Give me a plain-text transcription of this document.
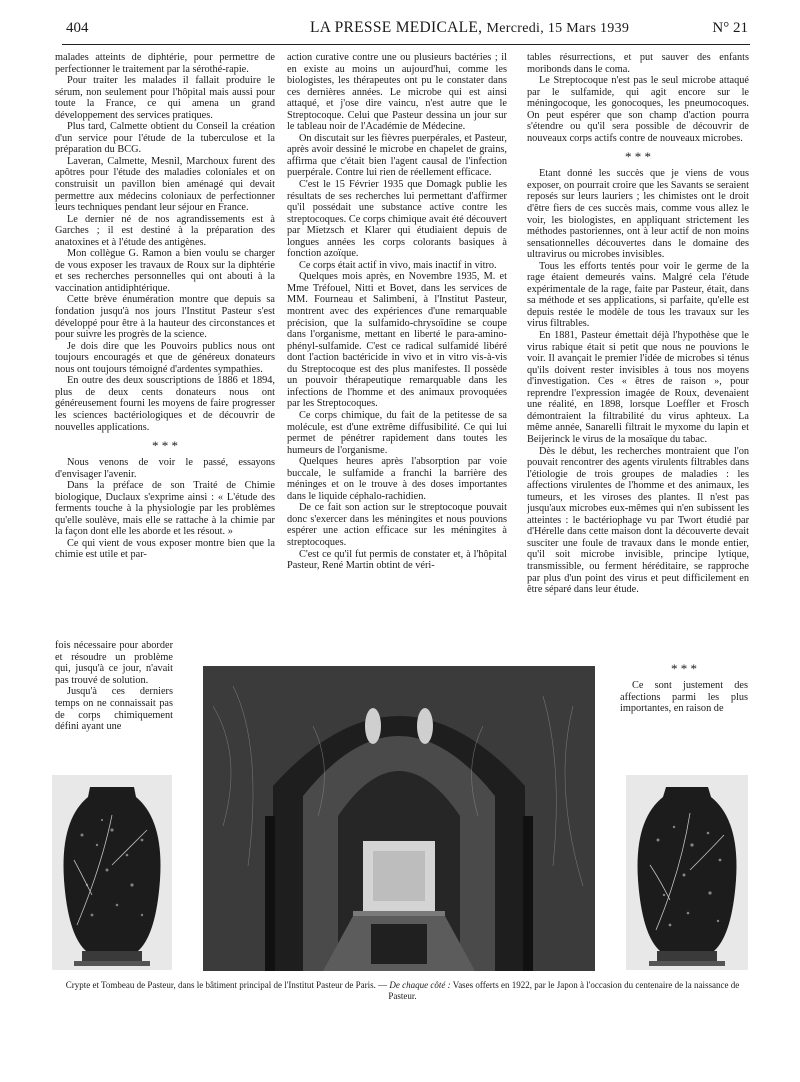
404	LA PRESSE MEDICALE, Mercredi, 15 Mars 1939	N° 21

malades atteints de diphtérie, pour permettre de perfectionner le traitement par la sérothé-rapie.

Pour traiter les malades il fallait produire le sérum, non seulement pour l'hôpital mais aussi pour toute la France, ce qui amena un grand développement des services pratiques.

Plus tard, Calmette obtient du Conseil la création d'un service pour l'étude de la tuberculose et la préparation du BCG.

Laveran, Calmette, Mesnil, Marchoux furent des apôtres pour l'étude des maladies coloniales et on construisit un pavillon bien aménagé qui devait permettre aux médecins coloniaux de perfectionner leurs techniques pendant leur séjour en France.

Le dernier né de nos agrandissements est à Garches ; il est destiné à la préparation des anatoxines et à l'étude des antigènes.

Mon collègue G. Ramon a bien voulu se charger de vous exposer les travaux de Roux sur la diphtérie et ses recherches personnelles qui ont abouti à la vaccination antidiphtérique.

Cette brève énumération montre que depuis sa fondation jusqu'à nos jours l'Institut Pasteur s'est développé pour être à la hauteur des circonstances et pour suivre les progrès de la science.

Je dois dire que les Pouvoirs publics nous ont toujours encouragés et que de généreux donateurs nous ont toujours témoigné d'ardentes sympathies.

En outre des deux souscriptions de 1886 et 1894, plus de deux cents donateurs nous ont généreusement fourni les moyens de faire progresser les sciences bactériologiques et de découvrir de nouvelles applications.

* * *

Nous venons de voir le passé, essayons d'envisager l'avenir.

Dans la préface de son Traité de Chimie biologique, Duclaux s'exprime ainsi : « L'étude des ferments touche à la physiologie par les problèmes qu'elle soulève, mais elle se rattache à la chimie par la façon dont elle les aborde et les résout. »

Ce qui vient de vous exposer montre bien que la chimie est utile et par-

fois nécessaire pour aborder et résoudre un problème qui, jusqu'à ce jour, n'avait pas trouvé de solution.

Jusqu'à ces derniers temps on ne connaissait pas de corps chimiquement défini ayant une

action curative contre une ou plusieurs bactéries ; il en existe au moins un aujourd'hui, comme les biologistes, les thérapeutes ont pu le constater dans ces dernières années. Le microbe qui est ainsi attaqué, et j'ose dire vaincu, n'est autre que le Streptocoque. Celui que Pasteur dessina un jour sur le tableau noir de l'Académie de Médecine.

On discutait sur les fièvres puerpérales, et Pasteur, après avoir dessiné le microbe en chapelet de grains, affirma que c'était bien l'agent causal de l'infection puerpérale. Contre lui rien de réellement efficace.

C'est le 15 Février 1935 que Domagk publie les résultats de ses recherches lui permettant d'affirmer qu'il possédait une substance active contre les streptocoques. Ce corps chimique avait été découvert par Mietzsch et Klarer qui étudiaient depuis de longues années les corps colorants basiques à fonction azoïque.

Ce corps était actif in vivo, mais inactif in vitro.

Quelques mois après, en Novembre 1935, M. et Mme Tréfouel, Nitti et Bovet, dans les services de MM. Fourneau et Salimbeni, à l'Institut Pasteur, montrent avec des expériences d'une remarquable précision, que la sulfamido-chrysoïdine se coupe dans l'organisme, mettant en liberté le para-amino-phényl-sulfamide. C'est ce radical sulfamidé libéré dont l'action bactéricide in vivo et in vitro vis-à-vis du Streptocoque est des plus manifestes. Il possède un pouvoir thérapeutique remarquable dans les infections de l'homme et des animaux provoquées par les Streptocoques.

Ce corps chimique, du fait de la petitesse de sa molécule, est d'une extrême diffusibilité. Ce qui lui permet de pénétrer rapidement dans toutes les humeurs de l'organisme.

Quelques heures après l'absorption par voie buccale, le sulfamide a franchi la barrière des méninges et on le trouve à des doses importantes dans le liquide céphalo-rachidien.

De ce fait son action sur le streptocoque pouvait donc s'exercer dans les méningites et nous pouvions espérer une action efficace sur les méningites à streptocoques.

C'est ce qu'il fut permis de constater et, à l'hôpital Pasteur, René Martin obtint de véri-

tables résurrections, et put sauver des enfants moribonds dans le coma.

Le Streptocoque n'est pas le seul microbe attaqué par le sulfamide, qui agit encore sur le méningocoque, les gonocoques, les pneumocoques. On peut espérer que son champ d'action pourra s'étendre ou qu'il sera possible de découvrir de nouveaux corps actifs contre de nouveaux microbes.

* * *

Etant donné les succès que je viens de vous exposer, on pourrait croire que les Savants se seraient reposés sur leurs lauriers ; les chimistes ont le droit d'être fiers de ces succès mais, comme vous allez le voir, les biologistes, en appliquant strictement les méthodes pastoriennes, ont à leur actif de non moins sensationnelles découvertes dans le domaine des ultravirus ou microbes invisibles.

Tous les efforts tentés pour voir le germe de la rage étaient demeurés vains. Malgré cela l'étude expérimentale de la rage, faite par Pasteur, était, dans sa méthode et ses applications, si parfaite, qu'elle est depuis restée le modèle de tous les travaux sur les virus filtrables.

En 1881, Pasteur émettait déjà l'hypothèse que le virus rabique était si petit que nous ne pouvions le voir. Il avançait le premier l'idée de microbes si ténus qu'ils doivent rester invisibles à tous nos moyens d'investigation. Ces « êtres de raison », pour reprendre l'expression imagée de Roux, devenaient une réalité, en 1898, lorsque Loeffler et Frosch démontraient la filtrabilité du virus aphteux. La même année, Sanarelli filtrait le myxome du lapin et Beijerinck le virus de la mosaïque du tabac.

Dès le début, les recherches montraient que l'on pouvait rencontrer des agents virulents filtrables dans l'étiologie de trois groupes de maladies : les affections virulentes de l'homme et des animaux, les tumeurs, et les viroses des plantes. Il n'est pas jusqu'aux microbes eux-mêmes qui n'en subissent les atteintes : le bactériophage vu par Twort étudié par d'Hérelle dans cette maison dont la découverte devait susciter une foule de travaux dans le monde entier, qu'il soit microbe invisible, principe lytique, transmissible, ou ferment héréditaire, se rapproche par plus d'un point des virus et peut difficilement en être séparé dans leur étude.

* * *

Ce sont justement des affections parmi les plus importantes, en raison de

Crypte et Tombeau de Pasteur, dans le bâtiment principal de l'Institut Pasteur de Paris. — De chaque côté : Vases offerts en 1922, par le Japon à l'occasion du centenaire de la naissance de Pasteur.
